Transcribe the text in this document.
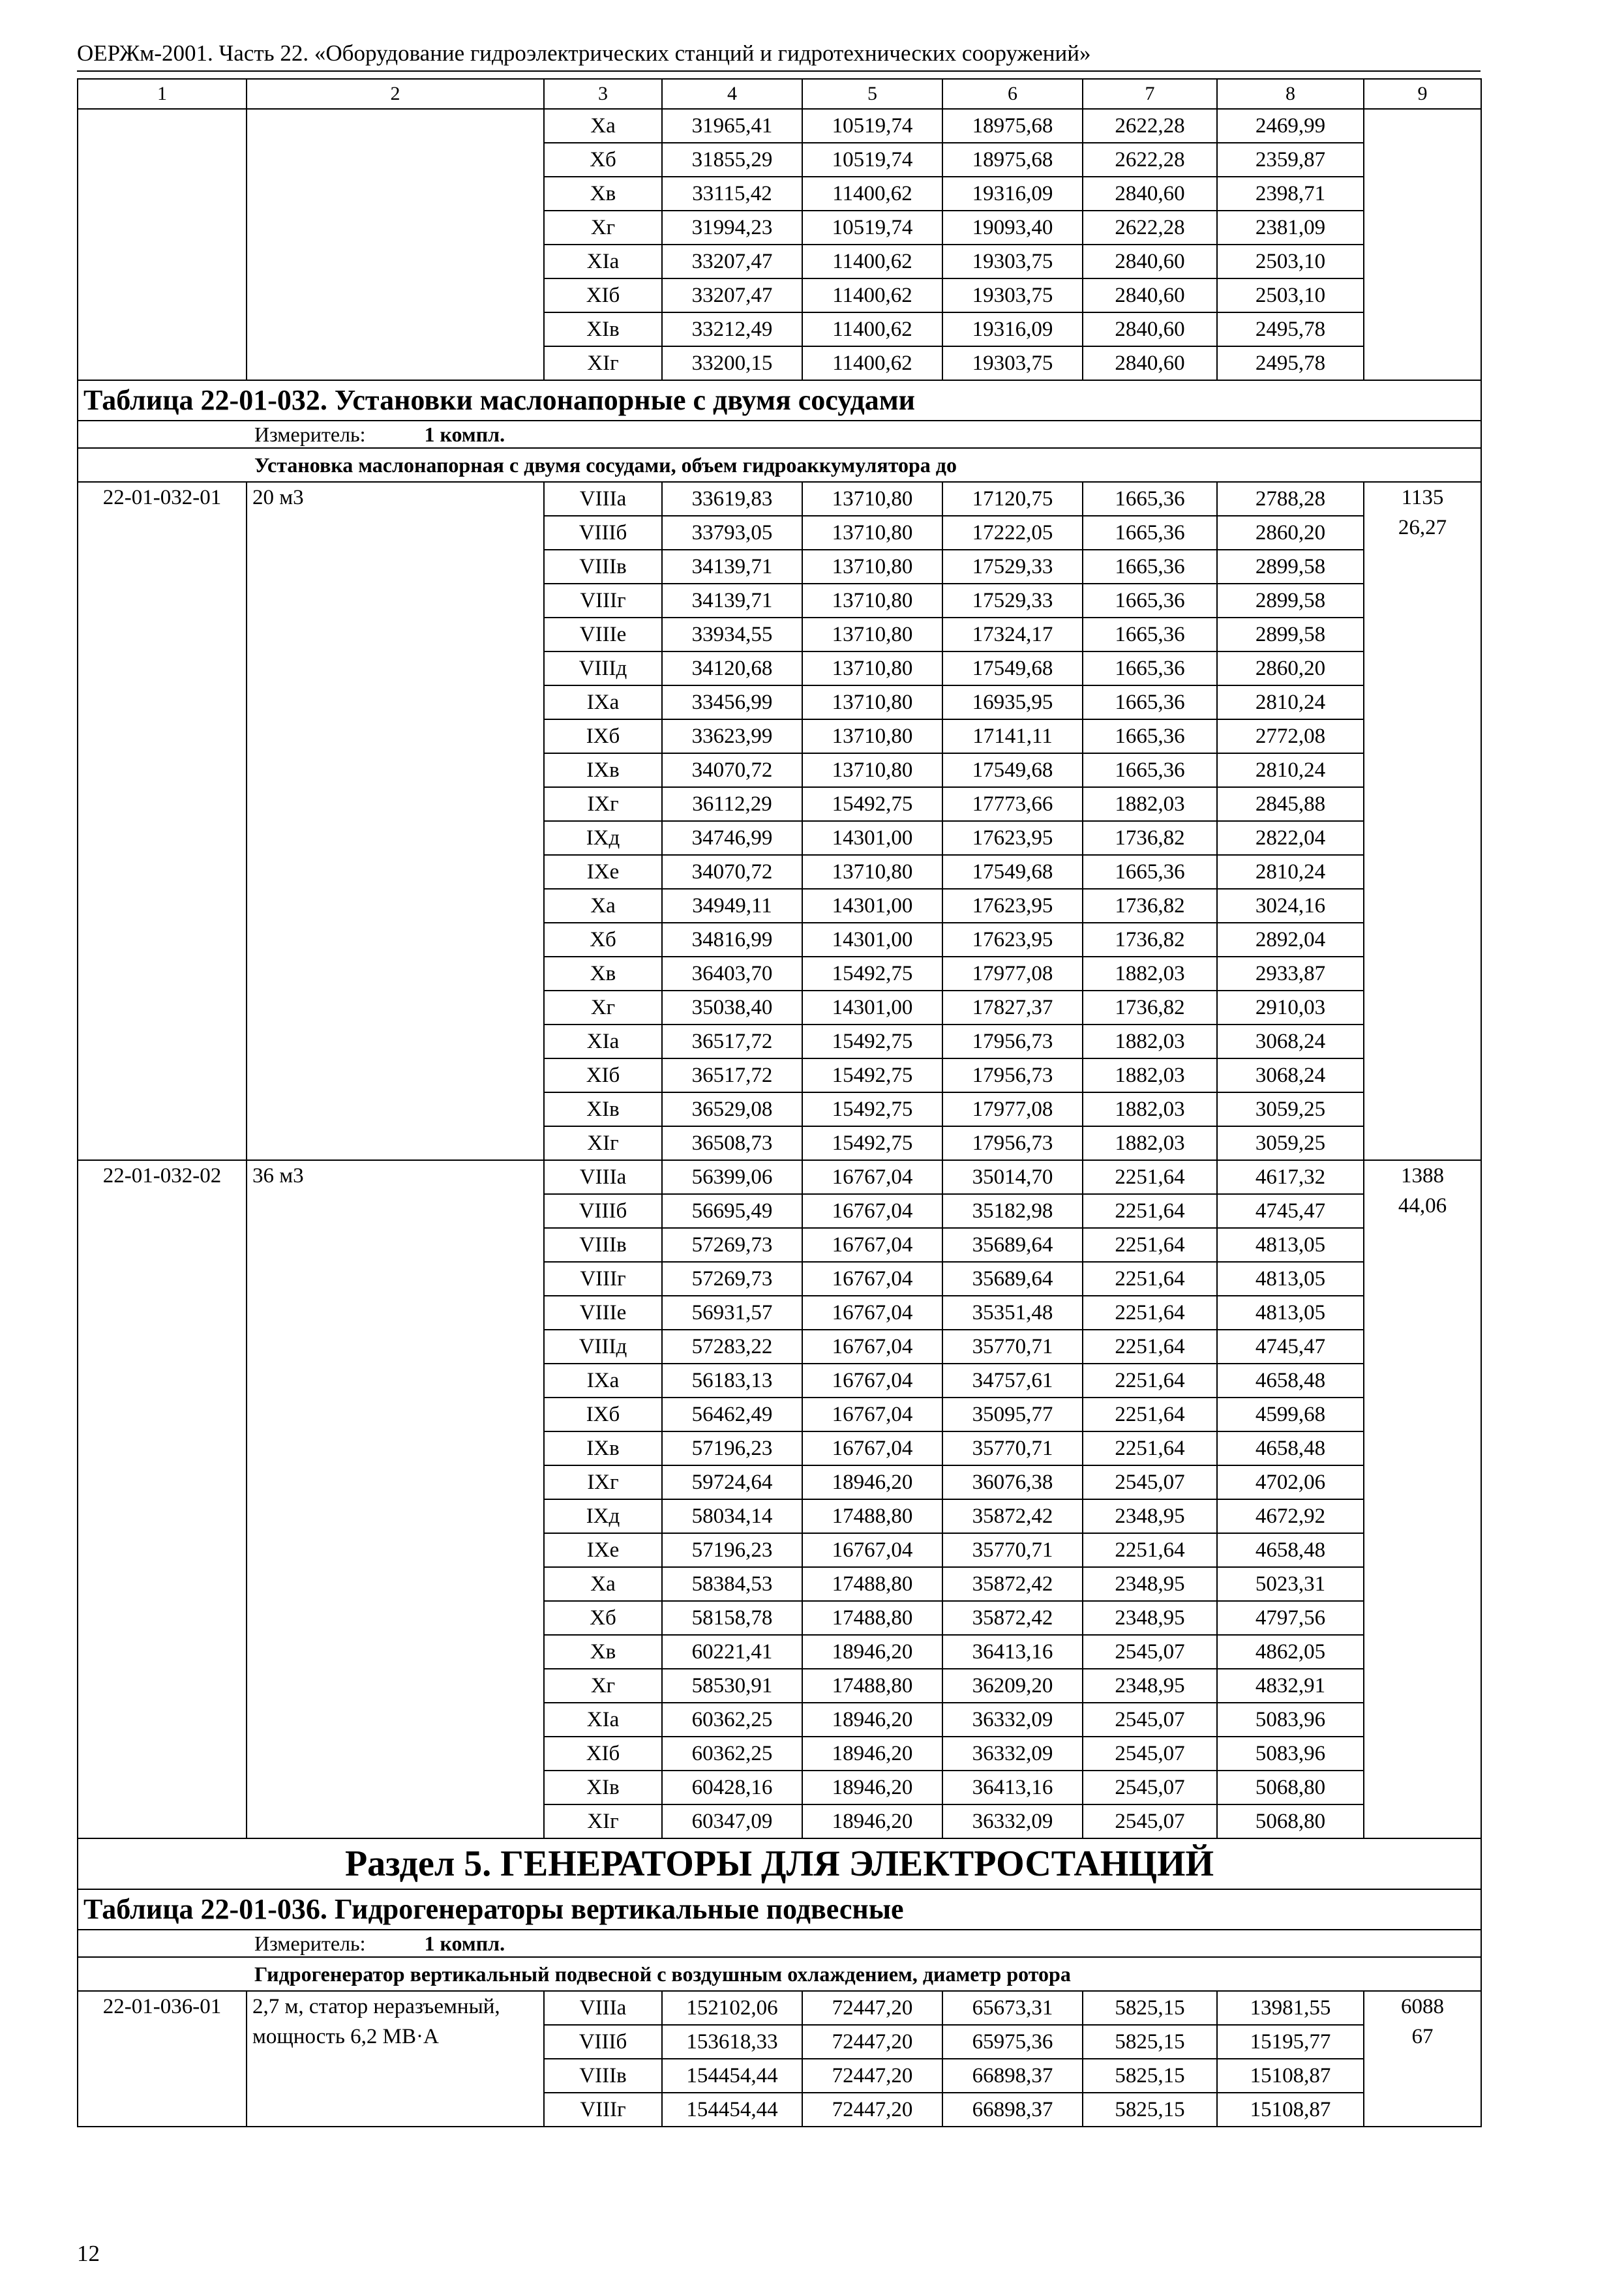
ОЕРЖм-2001. Часть 22. «Оборудование гидроэлектрических станций и гидротехнических сооружений»
1	2	3	4	5	6	7	8	9
		Xa	31965,41	10519,74	18975,68	2622,28	2469,99	
		Xб	31855,29	10519,74	18975,68	2622,28	2359,87	
		Xв	33115,42	11400,62	19316,09	2840,60	2398,71	
		Xг	31994,23	10519,74	19093,40	2622,28	2381,09	
		XIa	33207,47	11400,62	19303,75	2840,60	2503,10	
		XIб	33207,47	11400,62	19303,75	2840,60	2503,10	
		XIв	33212,49	11400,62	19316,09	2840,60	2495,78	
		XIг	33200,15	11400,62	19303,75	2840,60	2495,78	
Таблица 22-01-032. Установки маслонапорные с двумя сосудами								
Измеритель: 1 компл.								
Установка маслонапорная с двумя сосудами, объем гидроаккумулятора до								
22-01-032-01	20 м3	VIIIa	33619,83	13710,80	17120,75	1665,36	2788,28	1135
26,27

		VIIIб	33793,05	13710,80	17222,05	1665,36	2860,20	
		VIIIв	34139,71	13710,80	17529,33	1665,36	2899,58	
		VIIIг	34139,71	13710,80	17529,33	1665,36	2899,58	
		VIIIе	33934,55	13710,80	17324,17	1665,36	2899,58	
		VIIIд	34120,68	13710,80	17549,68	1665,36	2860,20	
		IXa	33456,99	13710,80	16935,95	1665,36	2810,24	
		IXб	33623,99	13710,80	17141,11	1665,36	2772,08	
		IXв	34070,72	13710,80	17549,68	1665,36	2810,24	
		IXг	36112,29	15492,75	17773,66	1882,03	2845,88	
		IXд	34746,99	14301,00	17623,95	1736,82	2822,04	
		IXе	34070,72	13710,80	17549,68	1665,36	2810,24	
		Xa	34949,11	14301,00	17623,95	1736,82	3024,16	
		Xб	34816,99	14301,00	17623,95	1736,82	2892,04	
		Xв	36403,70	15492,75	17977,08	1882,03	2933,87	
		Xг	35038,40	14301,00	17827,37	1736,82	2910,03	
		XIa	36517,72	15492,75	17956,73	1882,03	3068,24	
		XIб	36517,72	15492,75	17956,73	1882,03	3068,24	
		XIв	36529,08	15492,75	17977,08	1882,03	3059,25	
		XIг	36508,73	15492,75	17956,73	1882,03	3059,25	
22-01-032-02	36 м3	VIIIa	56399,06	16767,04	35014,70	2251,64	4617,32	1388
44,06

		VIIIб	56695,49	16767,04	35182,98	2251,64	4745,47	
		VIIIв	57269,73	16767,04	35689,64	2251,64	4813,05	
		VIIIг	57269,73	16767,04	35689,64	2251,64	4813,05	
		VIIIе	56931,57	16767,04	35351,48	2251,64	4813,05	
		VIIIд	57283,22	16767,04	35770,71	2251,64	4745,47	
		IXa	56183,13	16767,04	34757,61	2251,64	4658,48	
		IXб	56462,49	16767,04	35095,77	2251,64	4599,68	
		IXв	57196,23	16767,04	35770,71	2251,64	4658,48	
		IXг	59724,64	18946,20	36076,38	2545,07	4702,06	
		IXд	58034,14	17488,80	35872,42	2348,95	4672,92	
		IXе	57196,23	16767,04	35770,71	2251,64	4658,48	
		Xa	58384,53	17488,80	35872,42	2348,95	5023,31	
		Xб	58158,78	17488,80	35872,42	2348,95	4797,56	
		Xв	60221,41	18946,20	36413,16	2545,07	4862,05	
		Xг	58530,91	17488,80	36209,20	2348,95	4832,91	
		XIa	60362,25	18946,20	36332,09	2545,07	5083,96	
		XIб	60362,25	18946,20	36332,09	2545,07	5083,96	
		XIв	60428,16	18946,20	36413,16	2545,07	5068,80	
		XIг	60347,09	18946,20	36332,09	2545,07	5068,80	
Раздел 5. ГЕНЕРАТОРЫ ДЛЯ ЭЛЕКТРОСТАНЦИЙ								
Таблица 22-01-036. Гидрогенераторы вертикальные подвесные								
Измеритель: 1 компл.								
Гидрогенератор вертикальный подвесной с воздушным охлаждением, диаметр ротора								
22-01-036-01	2,7 м, статор неразъемный, мощность 6,2 МВ·А	VIIIa	152102,06	72447,20	65673,31	5825,15	13981,55	6088
67

		VIIIб	153618,33	72447,20	65975,36	5825,15	15195,77	
		VIIIв	154454,44	72447,20	66898,37	5825,15	15108,87	
		VIIIг	154454,44	72447,20	66898,37	5825,15	15108,87	
12
